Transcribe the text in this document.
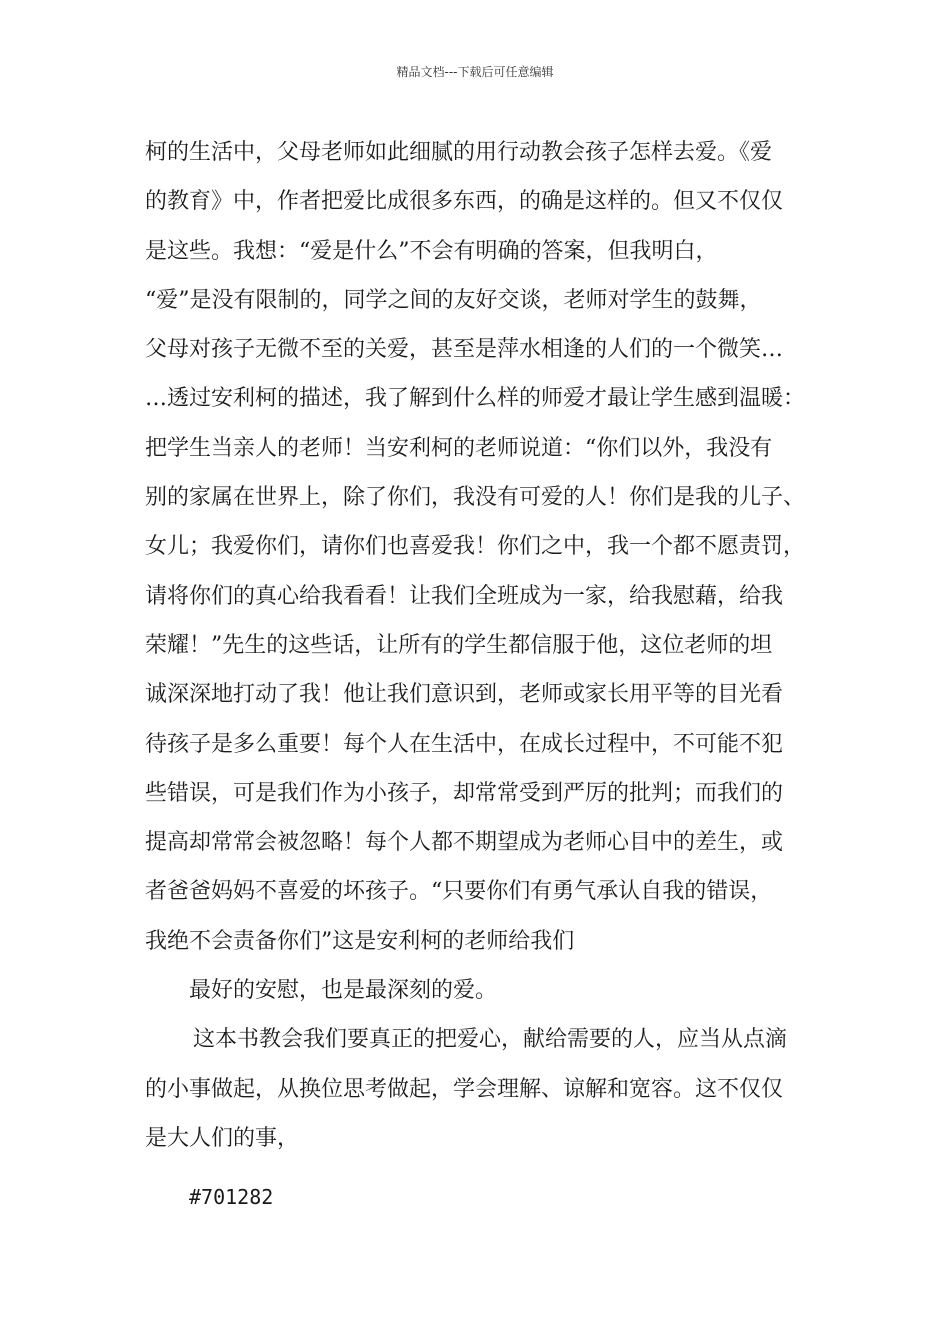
精品文档---下载后可任意编辑
柯的生活中，父母老师如此细腻的用行动教会孩子怎样去爱。《爱
的教育》中，作者把爱比成很多东西，的确是这样的。但又不仅仅
是这些。我想：“爱是什么”不会有明确的答案，但我明白，
“爱”是没有限制的，同学之间的友好交谈，老师对学生的鼓舞，
父母对孩子无微不至的关爱，甚至是萍水相逢的人们的一个微笑…
…透过安利柯的描述，我了解到什么样的师爱才最让学生感到温暖：
把学生当亲人的老师！当安利柯的老师说道：“你们以外，我没有
别的家属在世界上，除了你们，我没有可爱的人！你们是我的儿子、
女儿；我爱你们，请你们也喜爱我！你们之中，我一个都不愿责罚，
请将你们的真心给我看看！让我们全班成为一家，给我慰藉，给我
荣耀！”先生的这些话，让所有的学生都信服于他，这位老师的坦
诚深深地打动了我！他让我们意识到，老师或家长用平等的目光看
待孩子是多么重要！每个人在生活中，在成长过程中，不可能不犯
些错误，可是我们作为小孩子，却常常受到严厉的批判；而我们的
提高却常常会被忽略！每个人都不期望成为老师心目中的差生，或
者爸爸妈妈不喜爱的坏孩子。“只要你们有勇气承认自我的错误，
我绝不会责备你们”这是安利柯的老师给我们
最好的安慰，也是最深刻的爱。
这本书教会我们要真正的把爱心，献给需要的人，应当从点滴
的小事做起，从换位思考做起，学会理解、谅解和宽容。这不仅仅
是大人们的事，
#701282
